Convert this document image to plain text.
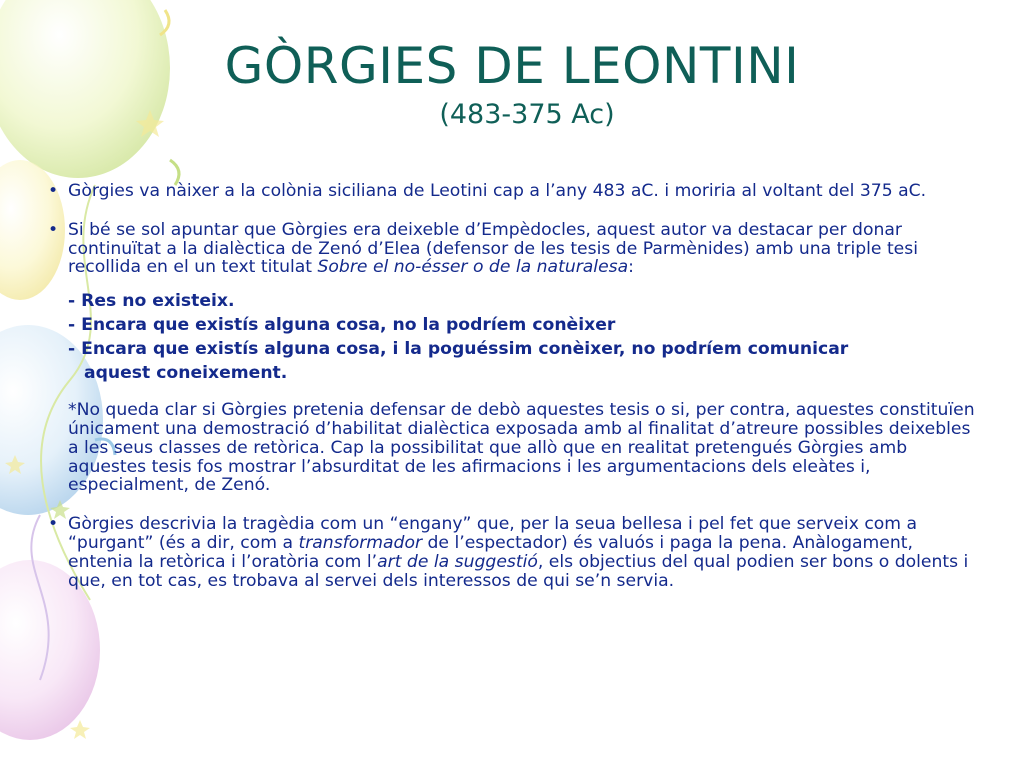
GÒRGIES DE LEONTINI
(483-375 Ac)
• Gòrgies va nàixer a la colònia siciliana de Leotini cap a l’any 483 aC. i moriria al voltant del 375 aC.
• Si bé se sol apuntar que Gòrgies era deixeble d’Empèdocles, aquest autor va destacar per donar continuïtat a la dialèctica de Zenó d’Elea (defensor de les tesis de Parmènides) amb una triple tesi recollida en el un text titulat Sobre el no-ésser o de la naturalesa:
- Res no existeix.
- Encara que existís alguna cosa, no la podríem conèixer
- Encara que existís alguna cosa, i la poguéssim conèixer, no podríem comunicar
aquest coneixement.
*No queda clar si Gòrgies pretenia defensar de debò aquestes tesis o si, per contra, aquestes constituïen únicament una demostració d’habilitat dialèctica exposada amb al finalitat d’atreure possibles deixebles a les seus classes de retòrica. Cap la possibilitat que allò que en realitat pretengués Gòrgies amb aquestes tesis fos mostrar l’absurditat de les afirmacions i les argumentacions dels eleàtes i, especialment, de Zenó.
• Gòrgies descrivia la tragèdia com un “engany” que, per la seua bellesa i pel fet que serveix com a “purgant” (és a dir, com a transformador de l’espectador) és valuós i paga la pena. Anàlogament, entenia la retòrica i l’oratòria com l’art de la suggestió, els objectius del qual podien ser bons o dolents i que, en tot cas, es trobava al servei dels interessos de qui se’n servia.
